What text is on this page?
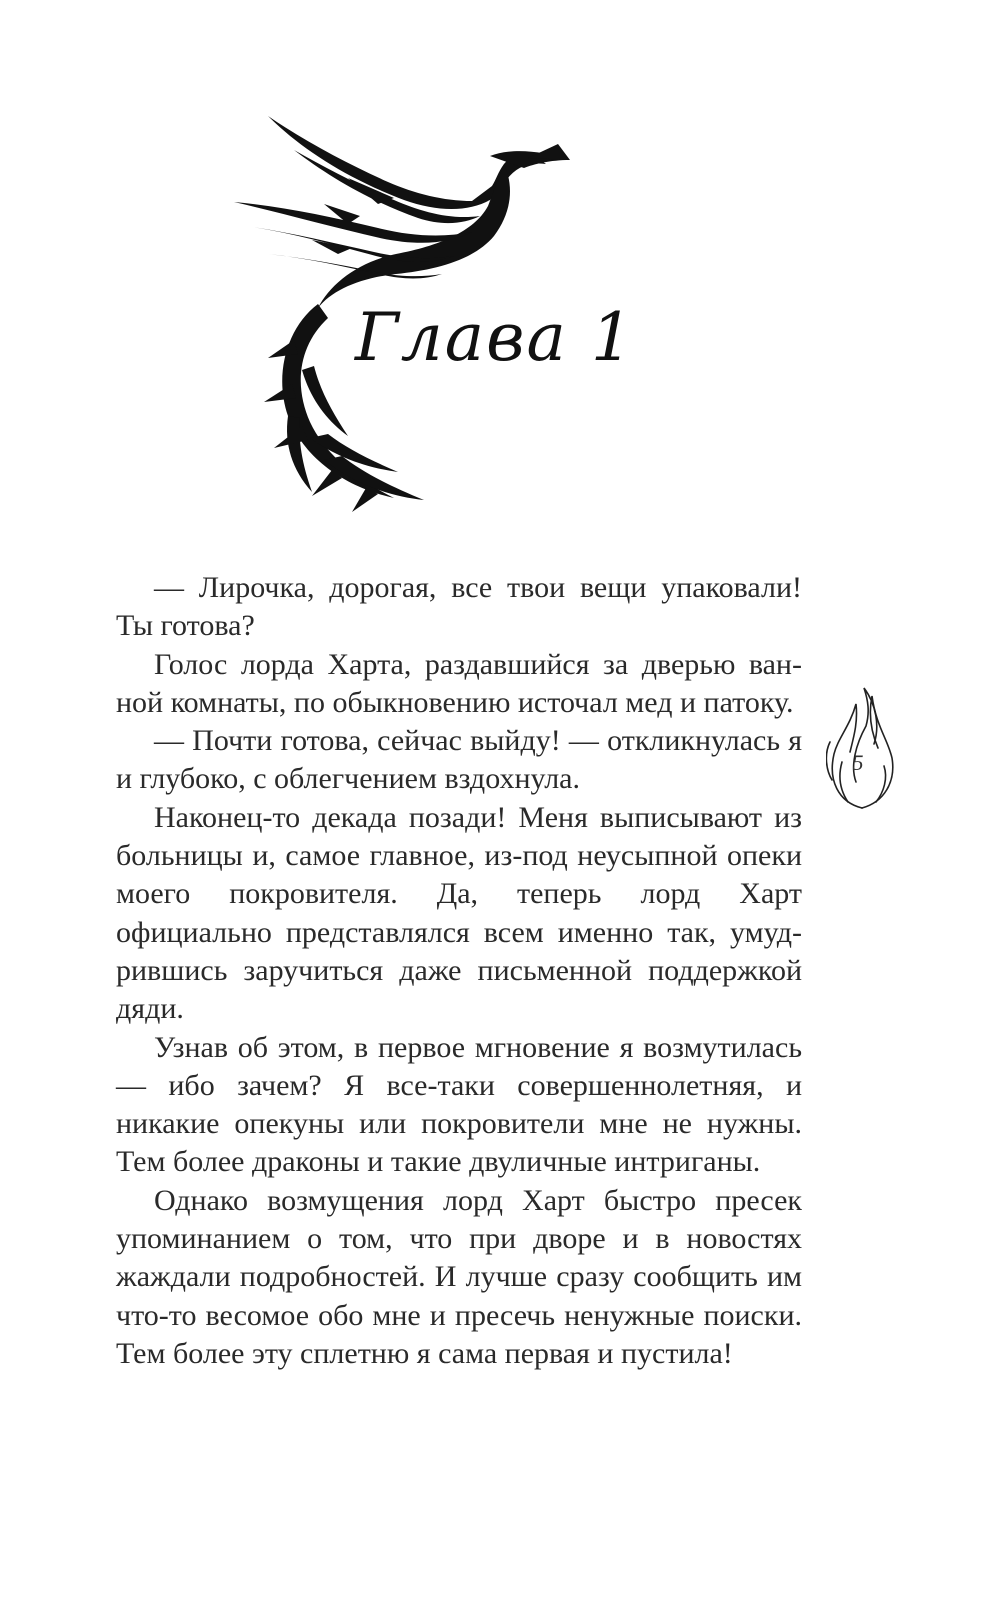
Глава 1

— Лирочка, дорогая, все твои вещи упаковали! Ты готова?

Голос лорда Харта, раздавшийся за дверью ванной комнаты, по обыкновению источал мед и патоку.

— Почти готова, сейчас выйду! — откликнулась я и глубоко, с облегчением вздохнула.

Наконец-то декада позади! Меня выписывают из больницы и, самое главное, из-под неусыпной опеки моего покровителя. Да, теперь лорд Харт официально представлялся всем именно так, умудрившись заручиться даже письменной поддержкой дяди.

Узнав об этом, в первое мгновение я возмутилась — ибо зачем? Я все-таки совершеннолетняя, и никакие опекуны или покровители мне не нужны. Тем более драконы и такие двуличные интриганы.

Однако возмущения лорд Харт быстро пресек упоминанием о том, что при дворе и в новостях жаждали подробностей. И лучше сразу сообщить им что-то весомое обо мне и пресечь ненужные поиски. Тем более эту сплетню я сама первая и пустила!

5
